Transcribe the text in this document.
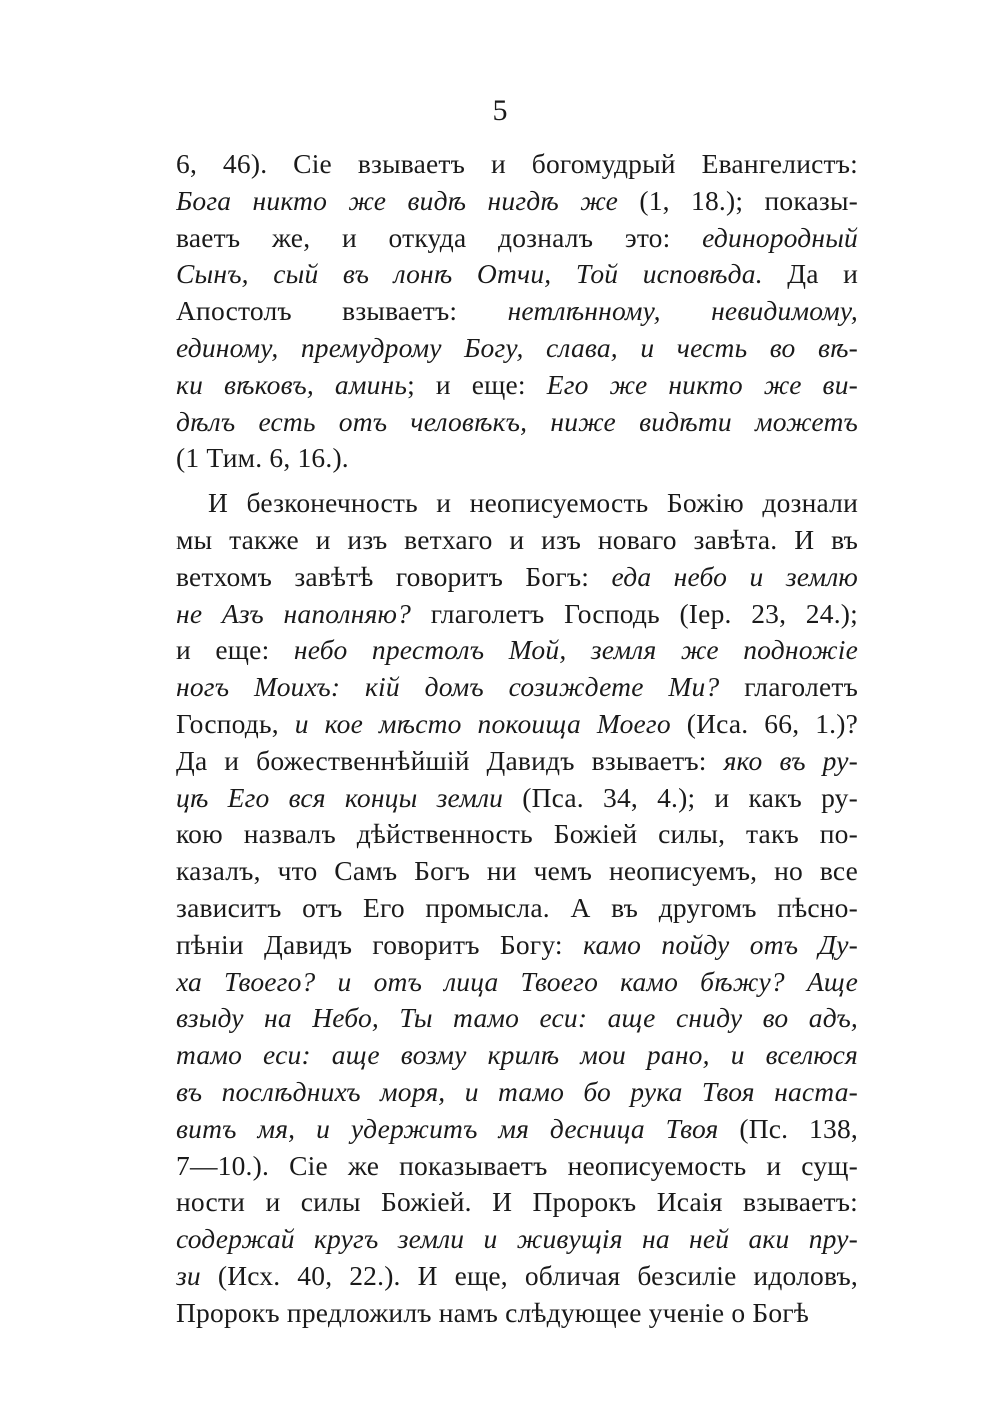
5
6, 46). Сіе взываетъ и богомудрый Евангелистъ:
Бога никто же видѣ нигдѣ же (1, 18.); показы-
ваетъ же, и откуда дозналъ это: единородный
Сынъ, сый въ лонѣ Отчи, Той исповѣда. Да и
Апостолъ взываетъ: нетлѣнному, невидимому,
единому, премудрому Богу, слава, и честь во вѣ-
ки вѣковъ, аминь; и еще: Его же никто же ви-
дѣлъ есть отъ человѣкъ, ниже видѣти можетъ
(1 Тим. 6, 16.).
И безконечность и неописуемость Божію дознали
мы также и изъ ветхаго и изъ новаго завѣта. И въ
ветхомъ завѣтѣ говоритъ Богъ: еда небо и землю
не Азъ наполняю? глаголетъ Господь (Іер. 23, 24.);
и еще: небо престолъ Мой, земля же подножіе
ногъ Моихъ: кій домъ созиждете Ми? глаголетъ
Господь, и кое мѣсто покоища Моего (Иса. 66, 1.)?
Да и божественнѣйшій Давидъ взываетъ: яко въ ру-
цѣ Его вся концы земли (Пса. 34, 4.); и какъ ру-
кою назвалъ дѣйственность Божіей силы, такъ по-
казалъ, что Самъ Богъ ни чемъ неописуемъ, но все
зависитъ отъ Его промысла. А въ другомъ пѣсно-
пѣніи Давидъ говоритъ Богу: камо пойду отъ Ду-
ха Твоего? и отъ лица Твоего камо бѣжу? Аще
взыду на Небо, Ты тамо еси: аще сниду во адъ,
тамо еси: аще возму крилѣ мои рано, и вселюся
въ послѣднихъ моря, и тамо бо рука Твоя наста-
витъ мя, и удержитъ мя десница Твоя (Пс. 138,
7—10.). Сіе же показываетъ неописуемость и сущ-
ности и силы Божіей. И Пророкъ Исаія взываетъ:
содержай кругъ земли и живущія на ней аки пру-
зи (Исх. 40, 22.). И еще, обличая безсиліе идоловъ,
Пророкъ предложилъ намъ слѣдующее ученіе о Богѣ
